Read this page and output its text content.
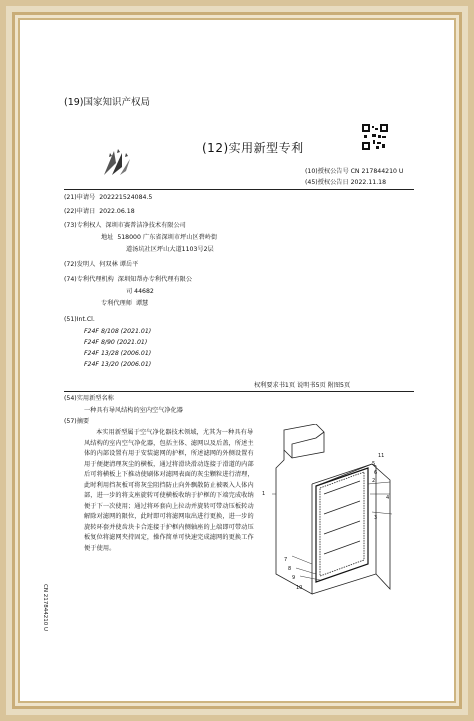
(19)国家知识产权局
(12)实用新型专利
(10)授权公告号 CN 217844210 U
(45)授权公告日 2022.11.18
(21)申请号 202221524084.5
(22)申请日 2022.06.18
(73)专利权人 深圳市赛普洁净技术有限公司
地址 518000 广东省深圳市坪山区碧岭街
道汤坑社区坪山大道1103号2层
(72)发明人 何双林 谭岳平
(74)专利代理机构 深圳知帮办专利代理有限公
司 44682
专利代理师 谭慧
(51)Int.Cl.
F24F 8/108 (2021.01)
F24F 8/90 (2021.01)
F24F 13/28 (2006.01)
F24F 13/20 (2006.01)
权利要求书1页 说明书5页 附图5页
(54)实用新型名称
一种具有导风结构的室内空气净化器
(57)摘要
本实用新型属于空气净化器技术领域，尤其为一种具有导风结构的室内空气净化器，包括主体、滤网以及后盖，所述主体的内部设置有用于安装滤网的护框，所述滤网的外侧设置有用于便捷清理灰尘的横板，通过将滑块滑动连接于滑道的内部后可将横板上下推动使刷体对滤网表面的灰尘颗粒进行清理，此时利用挡灰板可将灰尘阻挡防止向外飘散防止被吸入人体内部，进一步的将支座旋转可使横板收纳于护框的下端完成收纳便于下一次使用；通过将环套向上拉动并旋转可带动压板转动解除对滤网的限位，此时即可将滤网取出进行更换，进一步的旋转环套并使齿块卡合连接于护框内侧轴座的上端即可带动压板复位将滤网夹持固定，操作简单可快速完成滤网的更换工作便于使用。
1
2
3
4
5
6
7
8
9
10
11
CN 217844210 U
